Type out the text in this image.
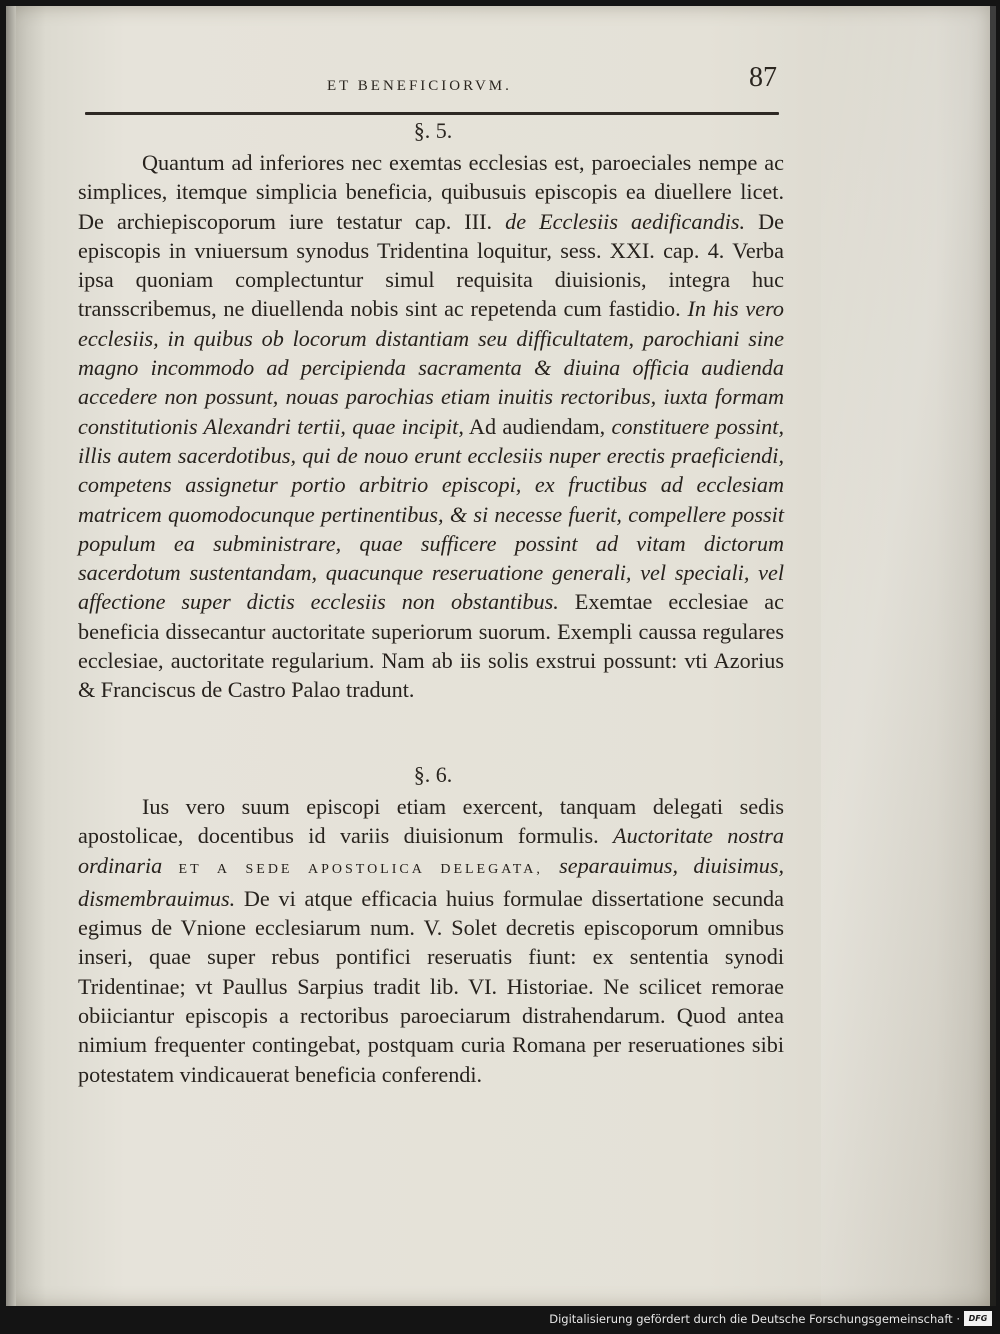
ET BENEFICIORVM.	87
§. 5.

Quantum ad inferiores nec exemtas ecclesias est, paroeciales nempe ac simplices, itemque simplicia beneficia, quibusuis episcopis ea diuellere licet. De archiepiscoporum iure testatur cap. III. de Ecclesiis aedificandis. De episcopis in vniuersum synodus Tridentina loquitur, sess. XXI. cap. 4. Verba ipsa quoniam complectuntur simul requisita diuisionis, integra huc transscribemus, ne diuellenda nobis sint ac repetenda cum fastidio. In his vero ecclesiis, in quibus ob locorum distantiam seu difficultatem, parochiani sine magno incommodo ad percipienda sacramenta & diuina officia audienda accedere non possunt, nouas parochias etiam inuitis rectoribus, iuxta formam constitutionis Alexandri tertii, quae incipit, Ad audiendam, constituere possint, illis autem sacerdotibus, qui de nouo erunt ecclesiis nuper erectis praeficiendi, competens assignetur portio arbitrio episcopi, ex fructibus ad ecclesiam matricem quomodocunque pertinentibus, & si necesse fuerit, compellere possit populum ea subministrare, quae sufficere possint ad vitam dictorum sacerdotum sustentandam, quacunque reseruatione generali, vel speciali, vel affectione super dictis ecclesiis non obstantibus. Exemtae ecclesiae ac beneficia dissecantur auctoritate superiorum suorum. Exempli caussa regulares ecclesiae, auctoritate regularium. Nam ab iis solis exstrui possunt: vti Azorius & Franciscus de Castro Palao tradunt.

§. 6.

Ius vero suum episcopi etiam exercent, tanquam delegati sedis apostolicae, docentibus id variis diuisionum formulis. Auctoritate nostra ordinaria ET A SEDE APOSTOLICA DELEGATA, separauimus, diuisimus, dismembrauimus. De vi atque efficacia huius formulae dissertatione secunda egimus de Vnione ecclesiarum num. V. Solet decretis episcoporum omnibus inseri, quae super rebus pontifici reseruatis fiunt: ex sententia synodi Tridentinae; vt Paullus Sarpius tradit lib. VI. Historiae. Ne scilicet remorae obiiciantur episcopis a rectoribus paroeciarum distrahendarum. Quod antea nimium frequenter contingebat, postquam curia Romana per reseruationes sibi potestatem vindicauerat beneficia conferendi.

Digitalisierung gefördert durch die Deutsche Forschungsgemeinschaft ·	DFG
